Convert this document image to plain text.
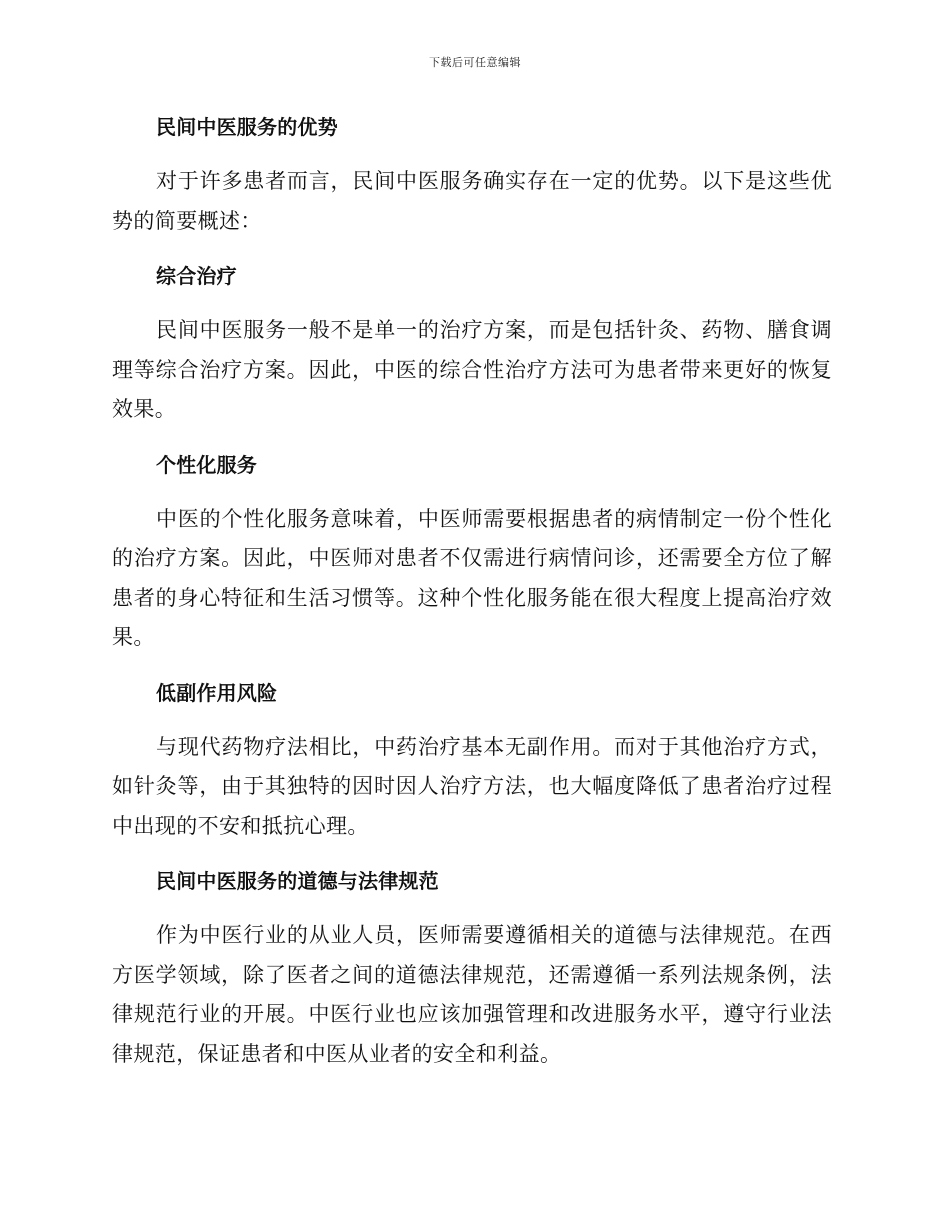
下载后可任意编辑
民间中医服务的优势

对于许多患者而言，民间中医服务确实存在一定的优势。以下是这些优势的简要概述：

综合治疗

民间中医服务一般不是单一的治疗方案，而是包括针灸、药物、膳食调理等综合治疗方案。因此，中医的综合性治疗方法可为患者带来更好的恢复效果。

个性化服务

中医的个性化服务意味着，中医师需要根据患者的病情制定一份个性化的治疗方案。因此，中医师对患者不仅需进行病情问诊，还需要全方位了解患者的身心特征和生活习惯等。这种个性化服务能在很大程度上提高治疗效果。

低副作用风险

与现代药物疗法相比，中药治疗基本无副作用。而对于其他治疗方式，如针灸等，由于其独特的因时因人治疗方法，也大幅度降低了患者治疗过程中出现的不安和抵抗心理。

民间中医服务的道德与法律规范

作为中医行业的从业人员，医师需要遵循相关的道德与法律规范。在西方医学领域，除了医者之间的道德法律规范，还需遵循一系列法规条例，法律规范行业的开展。中医行业也应该加强管理和改进服务水平，遵守行业法律规范，保证患者和中医从业者的安全和利益。
